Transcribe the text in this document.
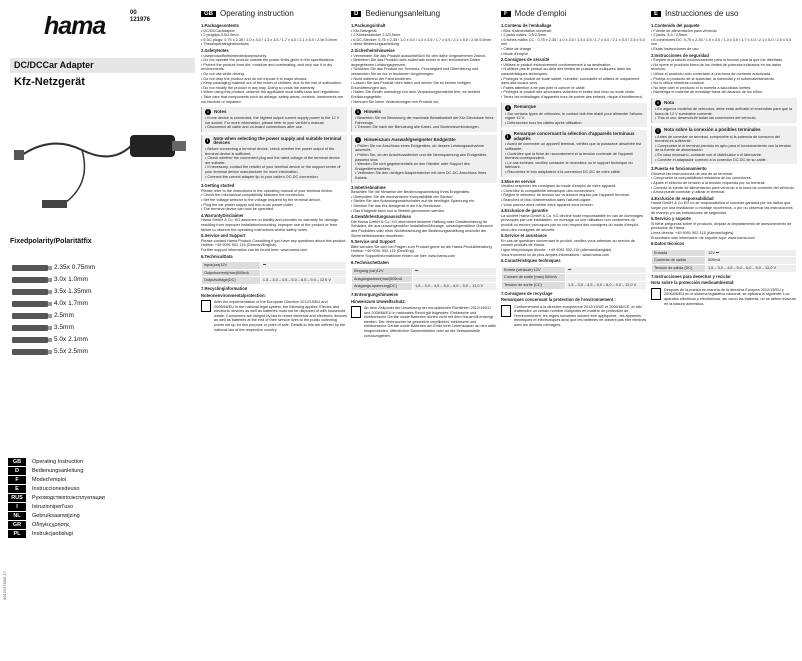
hama	00
121976
DC/DCCar Adapter
Kfz-Netzgerät
Fixedpolarity/Polaritätfix
2.35x 0.75mm
3.0x 1.0mm
3.5x 1.35mm
4.0x 1.7mm
2.5mm
3.5mm
5.0x 2.1mm
5.5x 2.5mm
GB	Operating Instruction
D	Bedienungsanleitung
F	Moded'emploi
E	Instruccionesdeuso
RUS	Руководствопоэксплуатации
I	Istruzioniperl'uso
NL	Gebruiksaanwijzing
GR	Οδηγίεςχρήσης
PL	Instrukcjaobsługi
00121976/06.17
GB Operating instruction
1.Packagecontents
• DC/DCCarAdapter
• 2 plugtips:3.5/2.5mm
• 6 DC plugs: 0.75 x 2.35 / 1.0 x 3.0 / 1.3 x 3.5 / 1.7 x 4.0 / 2.1 x 5.0 / 2.5x 5.5mm
• Theseoperatinginstructions
2.SafetyNotes
• Useproductforitsintendedpurposeonly.
• Do not operate the product outside the power limits given in the specifications.
• Protect the product from dirt, moisture and overheating, and only use it in dry environments.
• Do not use while driving.
• Do not drop the product and do not expose it to major shocks.
• Keep packaging material out of the reach of children, due to the risk of suffocation.
• Do not modify the product in any way. Doing so voids the warranty.
• When using this product, observe the applicable local traffic laws and regulations.
• Take care that components such as airbags, safety areas, controls, instruments are not blocked or impaired.
i	Notes
• If one device is connected, the highest output current supply power to the 12 V car socket. For more information, please refer to your vehicle's manual.
• Disconnect all cable and on-board connections after use.
i
Note when selecting the power supply and suitable terminal devices
• Before connecting a terminal device, check whether the power output of the terminal device is sufficient.
• Check whether the connected plug and the rated voltage of the terminal device are suitable.
• If necessary, contact the retailer of your terminal device or the support centre of your terminal device manufacturer for more information.
• Connect the correct adapter tip to your cable's DC-DC connection.
3.Getting started
Please refer to the instructions in the operating manual of your terminal device.
• Check the mechanical compatibility between the connectors.
• Set the voltage selector to the voltage required by the terminal device.
• Plug the car power supply unit into a car power outlet.
• The terminal device can now be operated.
4.WarrantyDisclaimer
Hama GmbH & Co. KG assumes no liability and provides no warranty for damage resulting from improper installation/mounting, improper use of the product or from failure to observe the operating instructions and/or safety notes.
5.Service and Support
Please contact Hama Product Consulting if you have any questions about this product.
Hotline: +49 9091 502-115 (German/English)
Further support information can be found here: www.hama.com
6.TechnicalData
Input(car)12V	⎓
Outputcurrent(max)500mA	
Outputvoltage(DC)	1.5 – 3.0 – 4.5 – 5.0 – 6.0 – 9.0 – 12.0 V
7.Recyclinginformation
Noteonenvironmentalprotection:
After the implementation of the European Directive 2012/19/EU and 2006/66/EU in the national legal system, the following applies: Electric and electronic devices as well as batteries must not be disposed of with household waste. Consumers are obliged by law to return electrical and electronic devices as well as batteries at the end of their service lives to the public collecting points set up for this purpose or point of sale. Details to this are defined by the national law of the respective country.
D Bedienungsanleitung
1.Packungsinhalt
• Kfz-Netzgerät
• 2 Klinkenstecker 2,5/3,5mm
• 6 DC-Stecker: 0,75 x 2,35 / 1,0 x 3,0 / 1,3 x 3,5 / 1,7 x 4,0 / 2,1 x 5,0 / 2,5x 5,5mm
• diese Bedienungsanleitung
2.Sicherheitshinweise
• Verwenden Sie das Produkt ausschließlich für den dafür vorgesehenen Zweck.
• Betreiben Sie das Produkt nicht außerhalb seiner in den technischen Daten angegebenen Leistungsgrenzen.
• Schützen Sie das Produkt vor Schmutz, Feuchtigkeit und Überhitzung und verwenden Sie es nur in trockenen Umgebungen.
• Nicht während der Fahrt bedienen.
• Lassen Sie das Produkt nicht fallen und setzen Sie es keinen heftigen Erschütterungen aus.
• Halten Sie Kinder unbedingt von dem Verpackungsmaterial fern, es besteht Erstickungsgefahr.
• Nehmen Sie keine Veränderungen am Produkt vor.
i	Hinweis
• Beachten Sie vor Benutzung die maximale Belastbarkeit der Kfz-Steckdose Ihres Fahrzeugs.
• Trennen Sie nach der Benutzung alle Kabel- und Bordnetzverbindungen.
i	Hinweiszum Auswahlgeeigneter Endgeräte
• Prüfen Sie vor Anschluss eines Endgerätes, ob dessen Leistungsaufnahme ausreicht.
• Prüfen Sie, ob der Anschlussstecker und die Nennspannung des Endgerätes passend sind.
• Wenden Sie sich gegebenenfalls an den Händler oder Support des Endgeräteherstellers.
• Verbinden Sie den richtigen Adapterstecker mit dem DC-DC-Anschluss Ihres Kabels.
3.Inbetriebnahme
Beachten Sie die Hinweise der Bedienungsanleitung Ihres Endgerätes.
• Überprüfen Sie die mechanische Kompatibilität der Stecker.
• Stellen Sie den Spannungswahlschalter auf die benötigte Spannung ein.
• Stecken Sie das Kfz-Netzgerät in die Kfz-Steckdose.
• Das Endgerät kann nun in Betrieb genommen werden.
4.Gewährleistungsausschluss
Die Hama GmbH & Co. KG übernimmt keinerlei Haftung oder Gewährleistung für Schäden, die aus unsachgemäßer Installation/Montage, unsachgemäßem Gebrauch des Produktes oder einer Nichtbeachtung der Bedienungsanleitung und/oder der Sicherheitshinweise resultieren.
5.Service und Support
Bitte wenden Sie sich bei Fragen zum Produkt gerne an die Hama-Produktberatung.
Hotline: +49 9091 502-115 (Deu/Eng)
Weitere Supportinformationen finden sie hier: www.hama.com
6.TechnischeDaten
Eingang (car)12V	⎓
Ausgangsstrom(max)500mA	
Ausgangs-spannung(DC)	1,5 – 3,0 – 4,5 – 5,0 – 6,0 – 9,0 – 12,0 V
7.Entsorgungshinweise
Hinweiszum Umweltschutz:
Ab dem Zeitpunkt der Umsetzung der europäischen Richtlinien 2012/19/EU und 2006/66/EU in nationales Recht gilt folgendes: Elektrische und elektronische Geräte sowie Batterien dürfen nicht mit dem Hausmüll entsorgt werden. Der Verbraucher ist gesetzlich verpflichtet, elektrische und elektronische Geräte sowie Batterien am Ende ihrer Lebensdauer an den dafür eingerichteten, öffentlichen Sammelstellen oder an die Verkaufsstelle zurückzugeben.
F Mode d'emploi
1.Contenu de l'emballage
• Bloc d'alimentation universel
• 2 jacks mâles: 3,5/2,5mm
• 6 fiches mâles CC : 0,75 x 2,35 / 1,0 x 3,0 / 1,3 x 3,5 / 1,7 x 4,0 / 2,1 x 5,0 / 2,5 x 5,5 mm
• Câble de charge
• Mode d'emploi
2.Consignes de sécurité
• Utilisez le produit exclusivement conformément à sa destination.
• N'utilisez pas le produit au-delà des limites de puissance indiquées dans les caractéristiques techniques.
• Protégez le produit de toute saleté, humidité, surchauffe et utilisez-le uniquement dans des locaux secs.
• Faites attention à ne pas plier ni coincer le câble.
• Protégez le produit des secousses violentes et évitez tout choc ou toute chute.
• Tenez les emballages d'appareils hors de portée des enfants, risque d'étouffement.
i	Remarque
• Sur certains types de véhicules, le contact doit être établi pour alimenter l'allume-cigare 12 V.
• Débranchez tous les câbles après utilisation.
i
Remarque concernant la sélection d'appareils terminaux adaptés
• Avant de connecter un appareil terminal, vérifiez que la puissance absorbée est suffisante.
• Contrôlez que la fiche de raccordement et la tension nominale de l'appareil terminal correspondent.
• Le cas échéant, veuillez contacter le revendeur ou le support technique du fabricant.
• Raccordez le bon adaptateur à la connexion DC-DC de votre câble.
3.Mise en service
Veuillez respecter les consignes du mode d'emploi de votre appareil.
• Contrôlez la compatibilité mécanique des connecteurs.
• Réglez le sélecteur de tension sur la tension requise par l'appareil terminal.
• Branchez le bloc d'alimentation dans l'allume-cigare.
• Vous pouvez alors mettre votre appareil sous tension.
4.Exclusion de garantie
La société Hama GmbH & Co. KG décline toute responsabilité en cas de dommages provoqués par une installation, un montage ou une utilisation non conformes du produit ou encore provoqués par un non respect des consignes du mode d'emploi et/ou des consignes de sécurité.
5.Service et assistance
En cas de questions concernant le produit, veuillez vous adresser au service de conseil produits de Hama.
Ligne téléphonique directe : +49 9091 502-115 (allemand/anglais)
Vous trouverez ici de plus amples informations : www.hama.com
6.Caractéristiques techniques
Entrée (véhicule) 12V	⎓
Courant de sortie (max) 500mA	
Tension de sortie (CC)	1,5 – 3,0 – 4,5 – 5,0 – 6,0 – 9,0 – 12,0 V
7.Consignes de recyclage
Remarques concernant la protection de l'environnement :
Conformément à la directive européenne 2012/19/UE et 2006/66/CE, et afin d'atteindre un certain nombre d'objectifs en matière de protection de l'environnement, les règles suivantes doivent être appliquées : les appareils électriques et électroniques ainsi que les batteries ne doivent pas être éliminés avec les déchets ménagers.
E Instrucciones de uso
1.Contenido del paquete
• Fuente de alimentación para vehículo
• 2 jacks: 3,5 / 2,5mm
• 6 conectores DC: 0,75 x 2,35 / 1,0 x 3,0 / 1,3 x 3,5 / 1,7 x 4,0 / 2,1 x 5,0 / 2,5 x 5,5 mm
• Estas instrucciones de uso
2.Instrucciones de seguridad
• Emplee el producto exclusivamente para la función para la que fue diseñado.
• No opere el producto fuera de los límites de potencia indicados en los datos técnicos.
• Utilice el producto sólo conectado a una toma de corriente autorizada.
• Proteja el producto de la suciedad, la humedad y el sobrecalentamiento.
• No lo utilice mientras conduce.
• No deje caer el producto ni lo someta a sacudidas fuertes.
• Mantenga el material de embalaje fuera del alcance de los niños.
i	Nota
• En algunos modelos de vehículos, debe estar activado el encendido para que la toma de 12 V suministre corriente.
• Tras el uso, desenchufe todas las conexiones del vehículo.
i	Nota sobre la conexión a posibles terminales
• Antes de conectar un terminal, compruebe si la potencia de consumo del terminal es suficiente.
• Compruebe si el terminal previsto es apto para el funcionamiento con la tensión de la fuente de alimentación.
• En caso necesario, contacte con el distribuidor o el fabricante.
• Conecte el adaptador correcto a la conexión DC-DC de su cable.
3.Puesta en funcionamiento
Observe las instrucciones de uso de su terminal.
• Compruebe la compatibilidad mecánica de los conectores.
• Ajuste el selector de tensión a la tensión requerida por su terminal.
• Conecte la fuente de alimentación para vehículo a la toma de corriente del vehículo.
• Ahora puede conectar y utilizar el terminal.
4.Exclusión de responsabilidad
Hama GmbH & Co KG no se responsabiliza ni concede garantía por los daños que surjan por una instalación o montaje incorrectos, o por no observar las instrucciones de manejo y/o las indicaciones de seguridad.
5.Servicio y soporte
Si tiene preguntas sobre el producto, diríjase al departamento de asesoramiento de productos de Hama.
Línea directa: +49 9091 502-115 (Alemán/Inglés)
Encontrará más información de soporte aquí: www.hama.com
6.Datos técnicos
Entrada	12V ⎓
Corriente de salida	500mA
Tensión de salida (DC)	1,5 – 3,0 – 4,5 – 5,0 – 6,0 – 9,0 – 12,0 V
7.Instrucciones para desechar y reciclar
Nota sobre la protección medioambiental:
Después de la puesta en marcha de la directiva Europea 2012/19/EU y 2006/66/EU en el sistema legislativo nacional, se aplicara lo siguiente: Los aparatos eléctricos y electrónicos, así como las baterías, no se deben evacuar en la basura doméstica.
